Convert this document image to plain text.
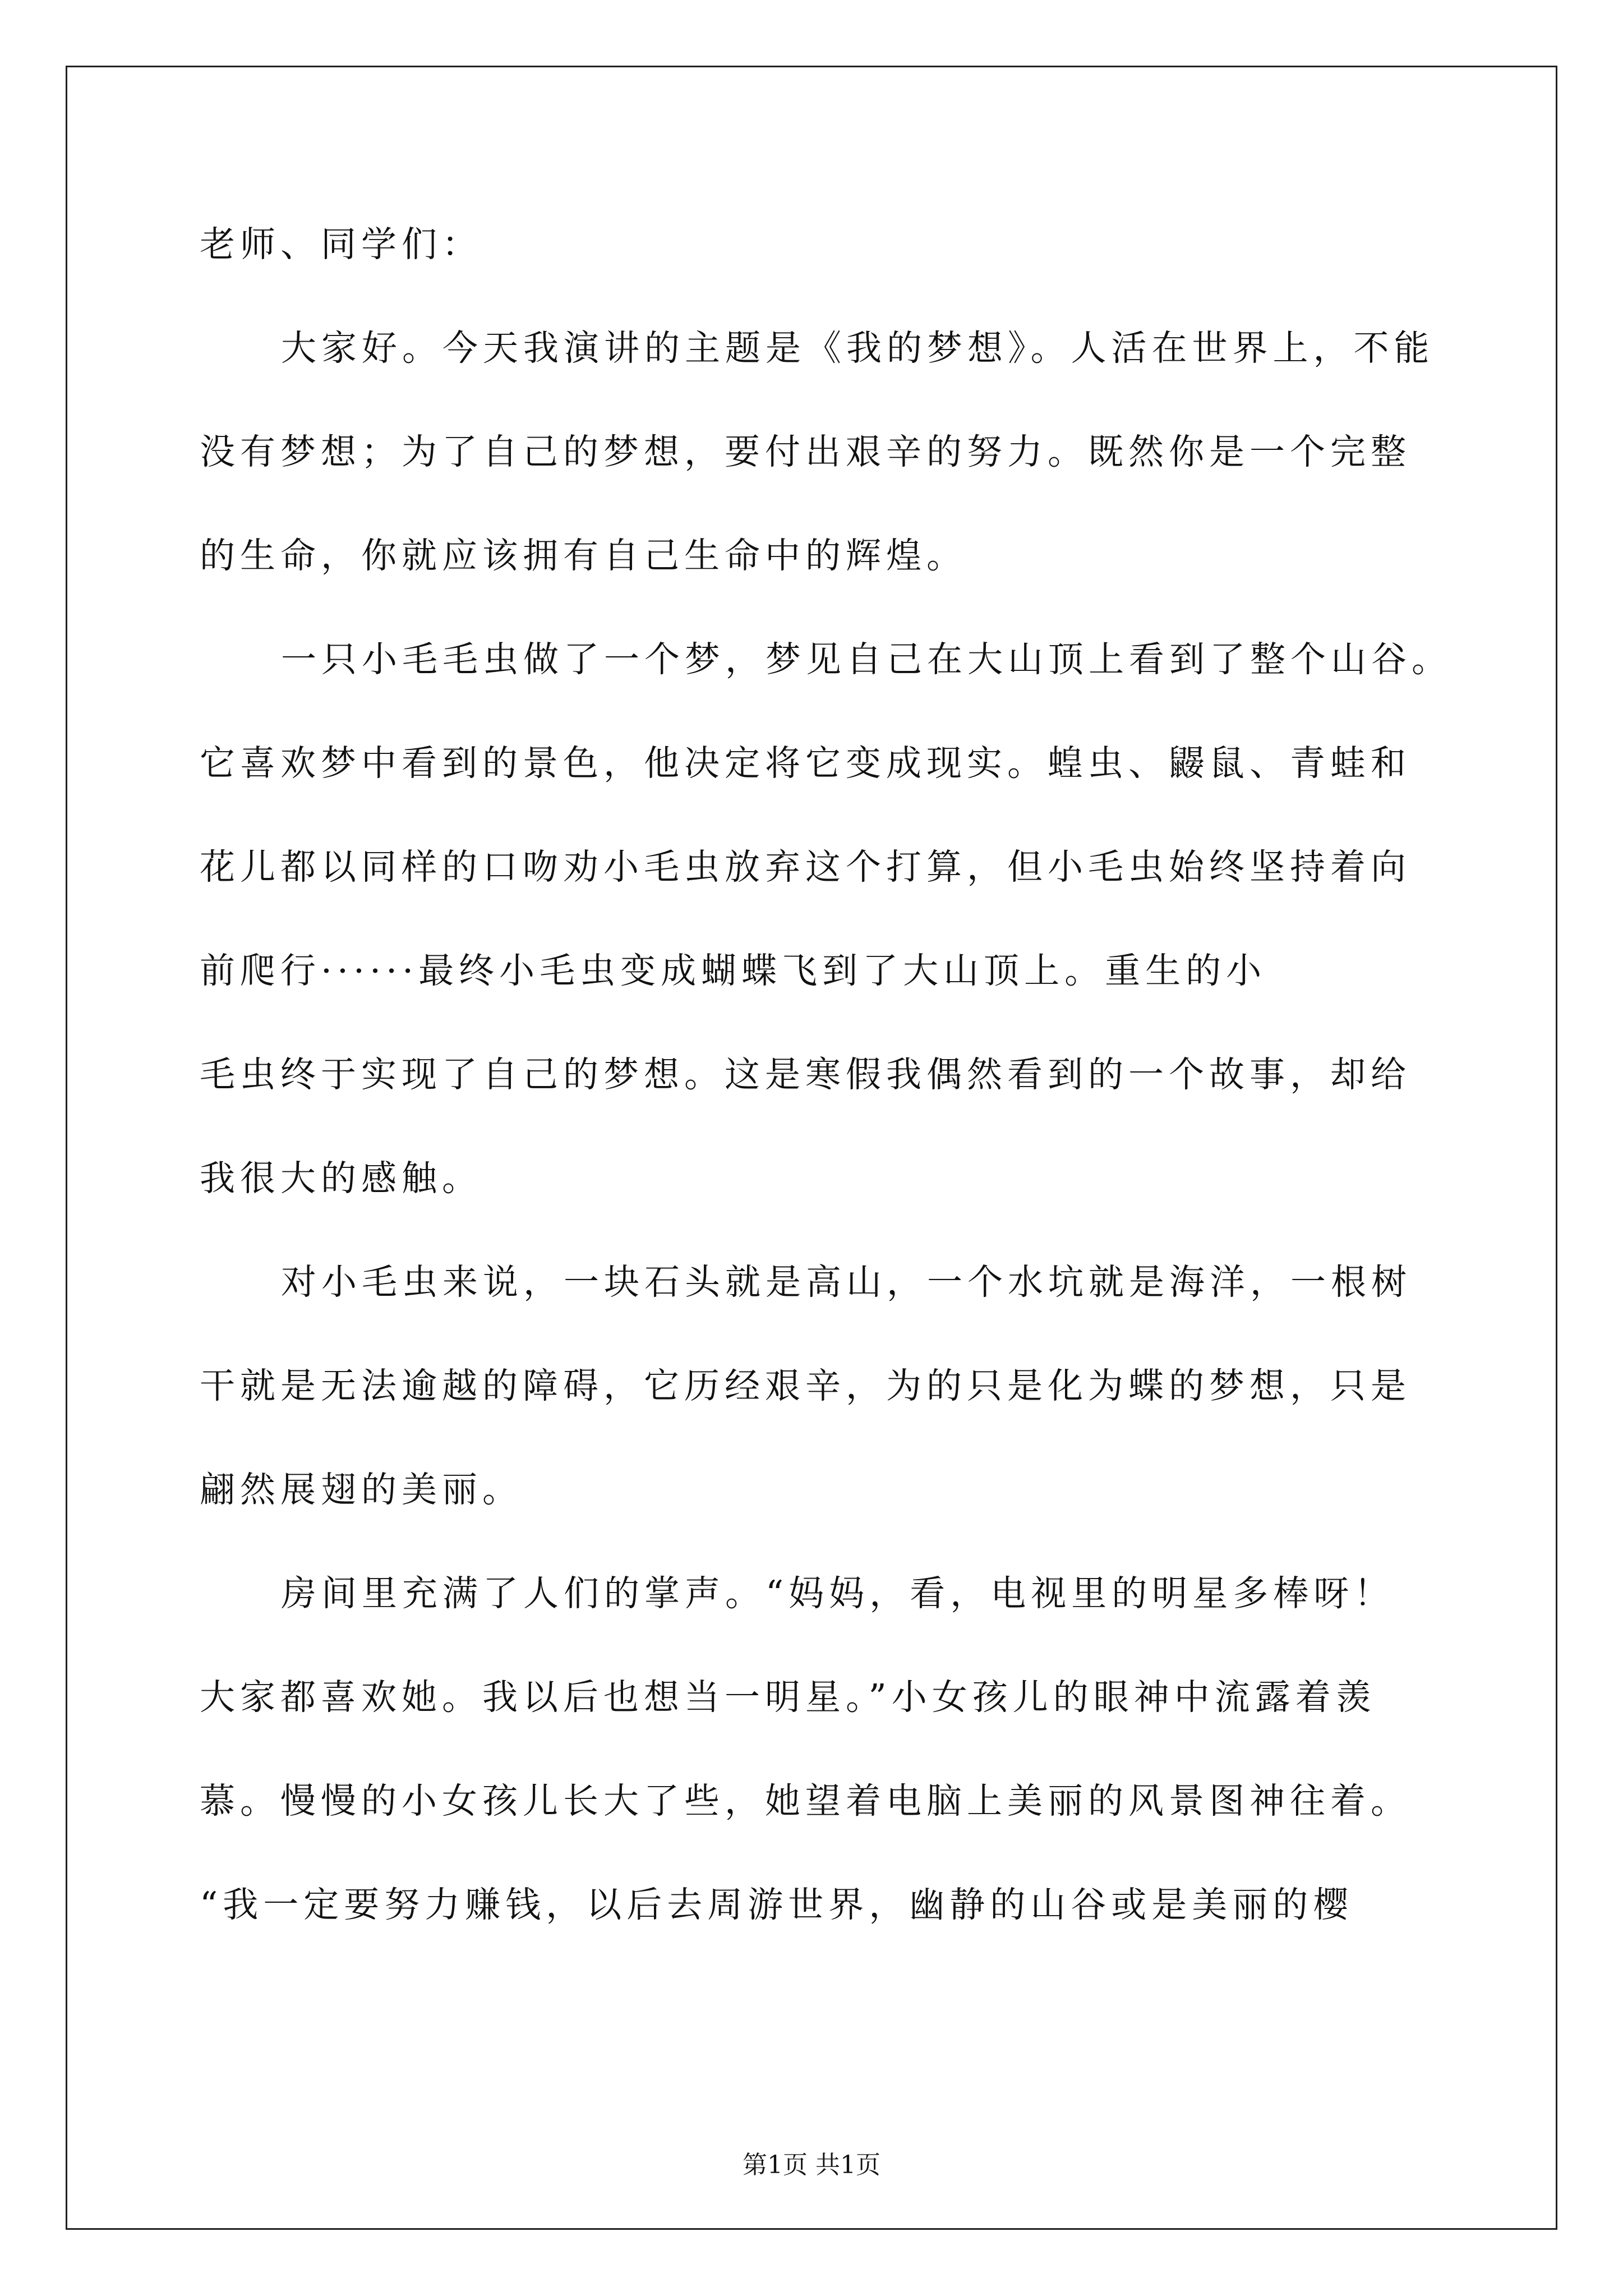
老师、同学们：
大家好。今天我演讲的主题是《我的梦想》。人活在世界上，不能
没有梦想；为了自己的梦想，要付出艰辛的努力。既然你是一个完整
的生命，你就应该拥有自己生命中的辉煌。
一只小毛毛虫做了一个梦，梦见自己在大山顶上看到了整个山谷。
它喜欢梦中看到的景色，他决定将它变成现实。蝗虫、鼹鼠、青蛙和
花儿都以同样的口吻劝小毛虫放弃这个打算，但小毛虫始终坚持着向
前爬行······最终小毛虫变成蝴蝶飞到了大山顶上。重生的小
毛虫终于实现了自己的梦想。这是寒假我偶然看到的一个故事，却给
我很大的感触。
对小毛虫来说，一块石头就是高山，一个水坑就是海洋，一根树
干就是无法逾越的障碍，它历经艰辛，为的只是化为蝶的梦想，只是
翩然展翅的美丽。
房间里充满了人们的掌声。“妈妈，看，电视里的明星多棒呀！
大家都喜欢她。我以后也想当一明星。”小女孩儿的眼神中流露着羡
慕。慢慢的小女孩儿长大了些，她望着电脑上美丽的风景图神往着。
“我一定要努力赚钱，以后去周游世界，幽静的山谷或是美丽的樱
第1页 共1页
